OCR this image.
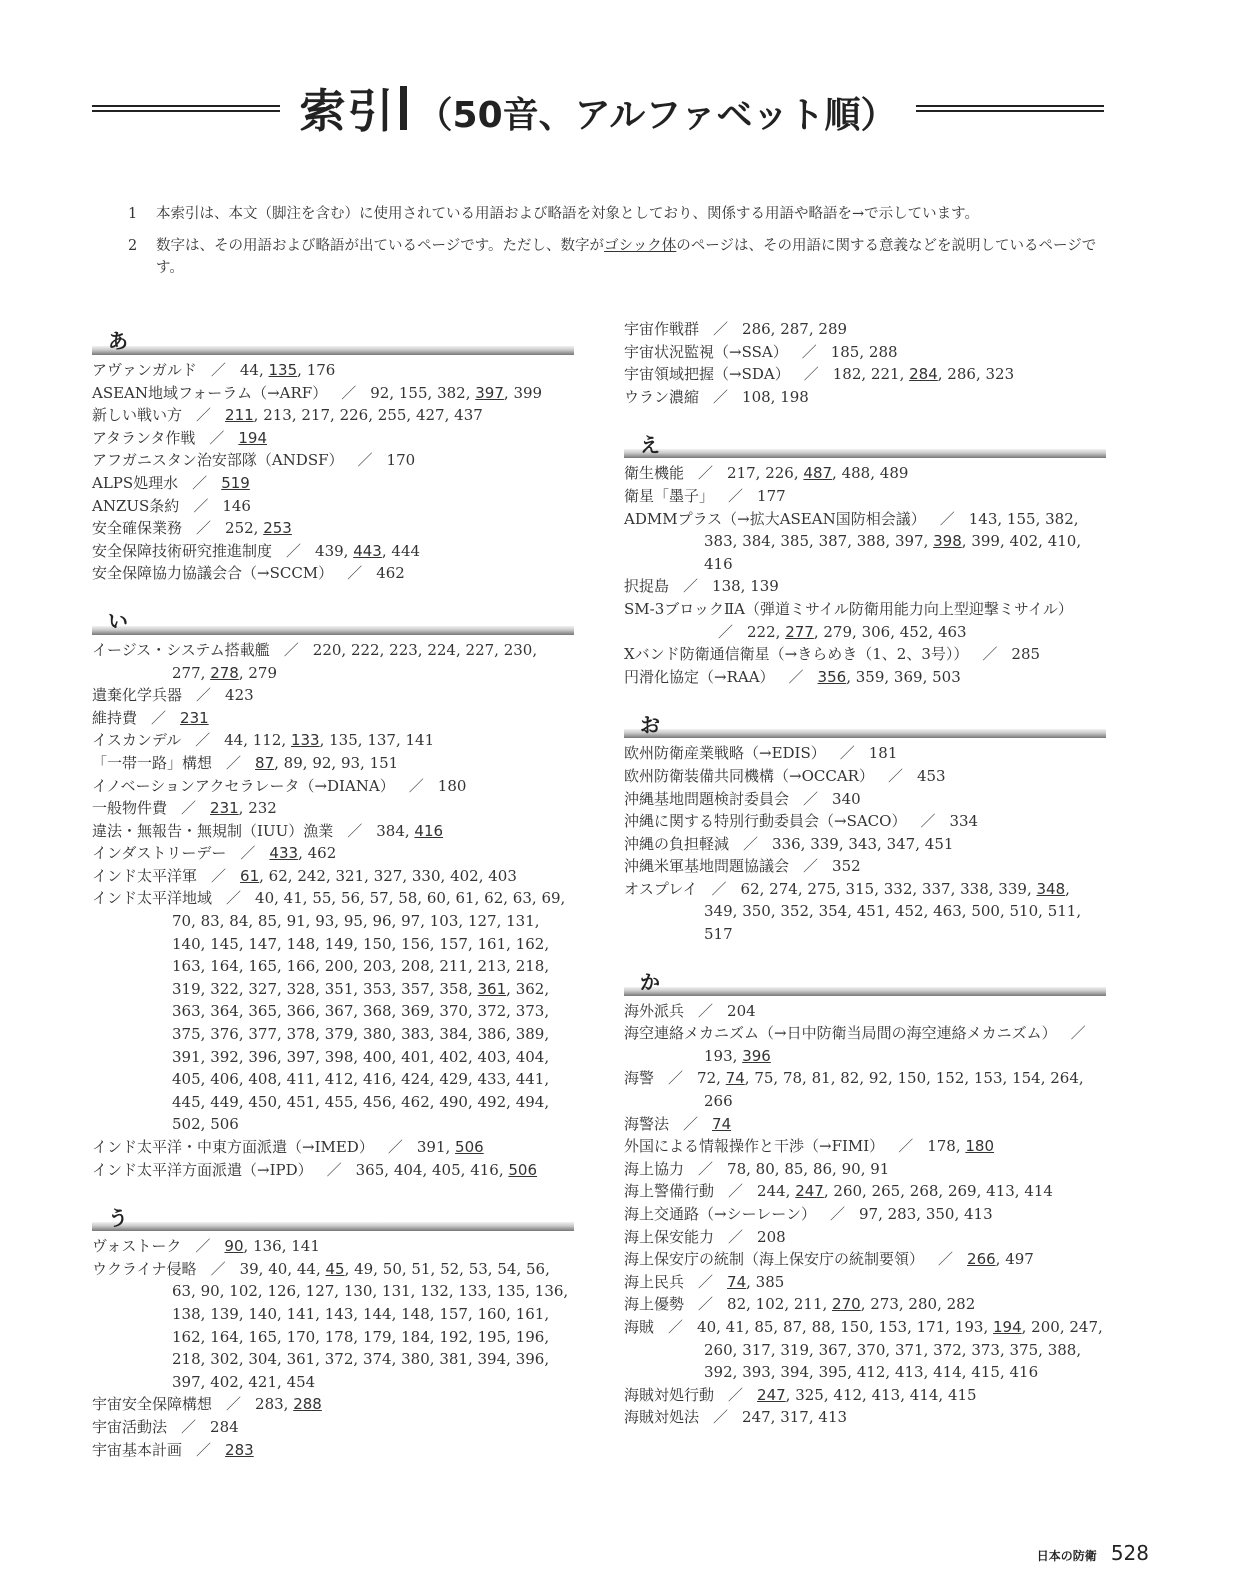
索引 （50音、アルファベット順）
1	本索引は、本文（脚注を含む）に使用されている用語および略語を対象としており、関係する用語や略語を→で示しています。
2	数字は、その用語および略語が出ているページです。ただし、数字がゴシック体のページは、その用語に関する意義などを説明しているページです。
あ
アヴァンガルド ／ 44, 135, 176
ASEAN地域フォーラム（→ARF） ／ 92, 155, 382, 397, 399
新しい戦い方 ／ 211, 213, 217, 226, 255, 427, 437
アタランタ作戦 ／ 194
アフガニスタン治安部隊（ANDSF） ／ 170
ALPS処理水 ／ 519
ANZUS条約 ／ 146
安全確保業務 ／ 252, 253
安全保障技術研究推進制度 ／ 439, 443, 444
安全保障協力協議会合（→SCCM） ／ 462
い
イージス・システム搭載艦 ／ 220, 222, 223, 224, 227, 230, 277, 278, 279
遺棄化学兵器 ／ 423
維持費 ／ 231
イスカンデル ／ 44, 112, 133, 135, 137, 141
「一帯一路」構想 ／ 87, 89, 92, 93, 151
イノベーションアクセラレータ（→DIANA） ／ 180
一般物件費 ／ 231, 232
違法・無報告・無規制（IUU）漁業 ／ 384, 416
インダストリーデー ／ 433, 462
インド太平洋軍 ／ 61, 62, 242, 321, 327, 330, 402, 403
インド太平洋地域 ／ 40, 41, 55, 56, 57, 58, 60, 61, 62, 63, 69, 70, 83, 84, 85, 91, 93, 95, 96, 97, 103, 127, 131, 140, 145, 147, 148, 149, 150, 156, 157, 161, 162, 163, 164, 165, 166, 200, 203, 208, 211, 213, 218, 319, 322, 327, 328, 351, 353, 357, 358, 361, 362, 363, 364, 365, 366, 367, 368, 369, 370, 372, 373, 375, 376, 377, 378, 379, 380, 383, 384, 386, 389, 391, 392, 396, 397, 398, 400, 401, 402, 403, 404, 405, 406, 408, 411, 412, 416, 424, 429, 433, 441, 445, 449, 450, 451, 455, 456, 462, 490, 492, 494, 502, 506
インド太平洋・中東方面派遣（→IMED） ／ 391, 506
インド太平洋方面派遣（→IPD） ／ 365, 404, 405, 416, 506
う
ヴォストーク ／ 90, 136, 141
ウクライナ侵略 ／ 39, 40, 44, 45, 49, 50, 51, 52, 53, 54, 56, 63, 90, 102, 126, 127, 130, 131, 132, 133, 135, 136, 138, 139, 140, 141, 143, 144, 148, 157, 160, 161, 162, 164, 165, 170, 178, 179, 184, 192, 195, 196, 218, 302, 304, 361, 372, 374, 380, 381, 394, 396, 397, 402, 421, 454
宇宙安全保障構想 ／ 283, 288
宇宙活動法 ／ 284
宇宙基本計画 ／ 283
宇宙作戦群 ／ 286, 287, 289
宇宙状況監視（→SSA） ／ 185, 288
宇宙領域把握（→SDA） ／ 182, 221, 284, 286, 323
ウラン濃縮 ／ 108, 198
え
衛生機能 ／ 217, 226, 487, 488, 489
衛星「墨子」 ／ 177
ADMMプラス（→拡大ASEAN国防相会議） ／ 143, 155, 382, 383, 384, 385, 387, 388, 397, 398, 399, 402, 410, 416
択捉島 ／ 138, 139
SM-3ブロックⅡA（弾道ミサイル防衛用能力向上型迎撃ミサイル）／ 222, 277, 279, 306, 452, 463
Xバンド防衛通信衛星（→きらめき（1、2、3号）） ／ 285
円滑化協定（→RAA） ／ 356, 359, 369, 503
お
欧州防衛産業戦略（→EDIS） ／ 181
欧州防衛装備共同機構（→OCCAR） ／ 453
沖縄基地問題検討委員会 ／ 340
沖縄に関する特別行動委員会（→SACO） ／ 334
沖縄の負担軽減 ／ 336, 339, 343, 347, 451
沖縄米軍基地問題協議会 ／ 352
オスプレイ ／ 62, 274, 275, 315, 332, 337, 338, 339, 348, 349, 350, 352, 354, 451, 452, 463, 500, 510, 511, 517
か
海外派兵 ／ 204
海空連絡メカニズム（→日中防衛当局間の海空連絡メカニズム） ／193, 396
海警 ／ 72, 74, 75, 78, 81, 82, 92, 150, 152, 153, 154, 264, 266
海警法 ／ 74
外国による情報操作と干渉（→FIMI） ／ 178, 180
海上協力 ／ 78, 80, 85, 86, 90, 91
海上警備行動 ／ 244, 247, 260, 265, 268, 269, 413, 414
海上交通路（→シーレーン） ／ 97, 283, 350, 413
海上保安能力 ／ 208
海上保安庁の統制（海上保安庁の統制要領） ／ 266, 497
海上民兵 ／ 74, 385
海上優勢 ／ 82, 102, 211, 270, 273, 280, 282
海賊 ／ 40, 41, 85, 87, 88, 150, 153, 171, 193, 194, 200, 247, 260, 317, 319, 367, 370, 371, 372, 373, 375, 388, 392, 393, 394, 395, 412, 413, 414, 415, 416
海賊対処行動 ／ 247, 325, 412, 413, 414, 415
海賊対処法 ／ 247, 317, 413
日本の防衛 528
